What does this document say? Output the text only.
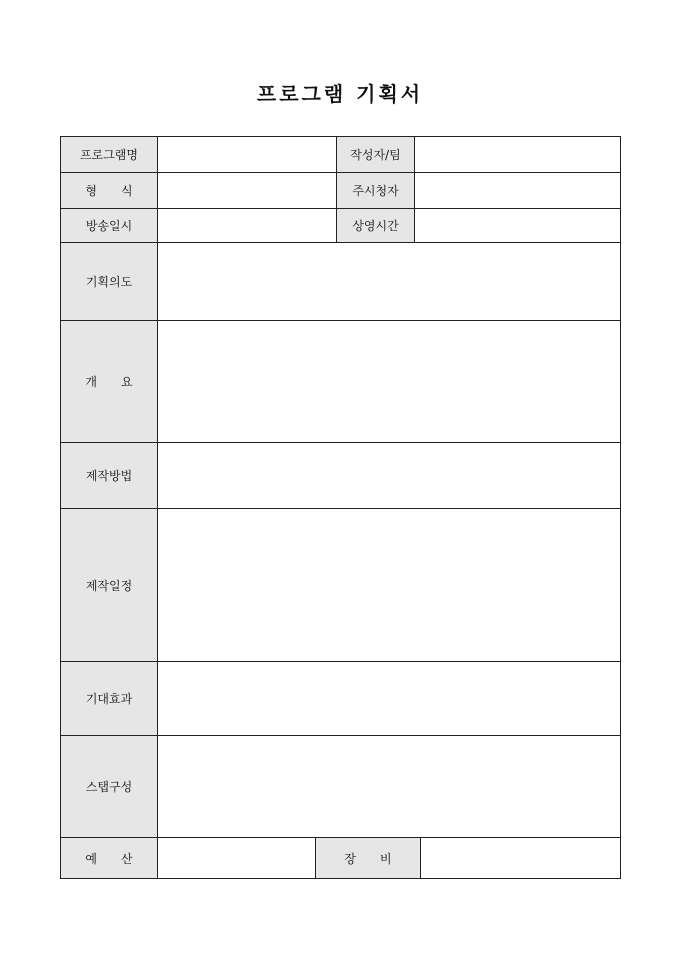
프로그램 기획서
프로그램명			작성자/팀		
형　　식			주시청자		
방송일시			상영시간		
기획의도					
개　　요					
제작방법					
제작일정					
기대효과					
스탭구성					
예　　산		장　　비			
